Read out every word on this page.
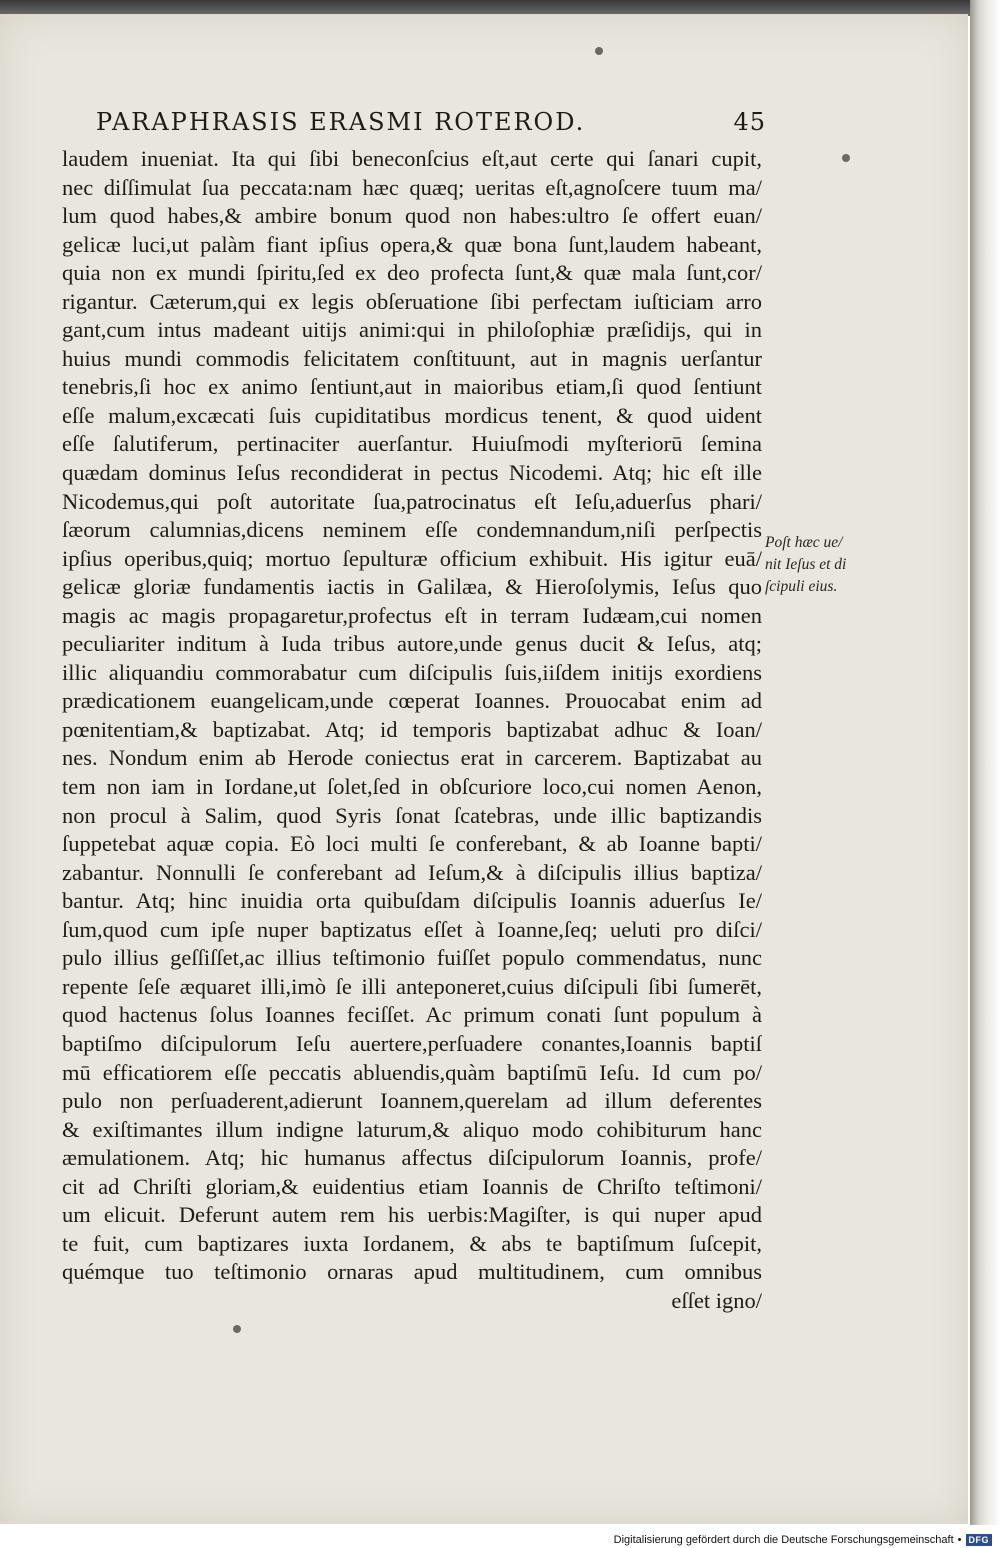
PARAPHRASIS ERASMI ROTEROD.	45
laudem inueniat. Ita qui ſibi beneconſcius eſt,aut certe qui ſanari cupit,
nec diſſimulat ſua peccata:nam hæc quæq; ueritas eſt,agnoſcere tuum ma/
lum quod habes,& ambire bonum quod non habes:ultro ſe offert euan/
gelicæ luci,ut palàm fiant ipſius opera,& quæ bona ſunt,laudem habeant,
quia non ex mundi ſpiritu,ſed ex deo profecta ſunt,& quæ mala ſunt,cor/
rigantur. Cæterum,qui ex legis obſeruatione ſibi perfectam iuſticiam arro
gant,cum intus madeant uitijs animi:qui in philoſophiæ præſidijs, qui in
huius mundi commodis felicitatem conſtituunt, aut in magnis uerſantur
tenebris,ſi hoc ex animo ſentiunt,aut in maioribus etiam,ſi quod ſentiunt
eſſe malum,excæcati ſuis cupiditatibus mordicus tenent, & quod uident
eſſe ſalutiferum, pertinaciter auerſantur. Huiuſmodi myſteriorū ſemina
quædam dominus Ieſus recondiderat in pectus Nicodemi. Atq; hic eſt ille
Nicodemus,qui poſt autoritate ſua,patrocinatus eſt Ieſu,aduerſus phari/
ſæorum calumnias,dicens neminem eſſe condemnandum,niſi perſpectis
ipſius operibus,quiq; mortuo ſepulturæ officium exhibuit. His igitur euā/
gelicæ gloriæ fundamentis iactis in Galilæa, & Hieroſolymis, Ieſus quo
magis ac magis propagaretur,profectus eſt in terram Iudæam,cui nomen
peculiariter inditum à Iuda tribus autore,unde genus ducit & Ieſus, atq;
illic aliquandiu commorabatur cum diſcipulis ſuis,iiſdem initijs exordiens
prædicationem euangelicam,unde cœperat Ioannes. Prouocabat enim ad
pœnitentiam,& baptizabat. Atq; id temporis baptizabat adhuc & Ioan/
nes. Nondum enim ab Herode coniectus erat in carcerem. Baptizabat au
tem non iam in Iordane,ut ſolet,ſed in obſcuriore loco,cui nomen Aenon,
non procul à Salim, quod Syris ſonat ſcatebras, unde illic baptizandis
ſuppetebat aquæ copia. Eò loci multi ſe conferebant, & ab Ioanne bapti/
zabantur. Nonnulli ſe conferebant ad Ieſum,& à diſcipulis illius baptiza/
bantur. Atq; hinc inuidia orta quibuſdam diſcipulis Ioannis aduerſus Ie/
ſum,quod cum ipſe nuper baptizatus eſſet à Ioanne,ſeq; ueluti pro diſci/
pulo illius geſſiſſet,ac illius teſtimonio fuiſſet populo commendatus, nunc
repente ſeſe æquaret illi,imò ſe illi anteponeret,cuius diſcipuli ſibi ſumerēt,
quod hactenus ſolus Ioannes feciſſet. Ac primum conati ſunt populum à
baptiſmo diſcipulorum Ieſu auertere,perſuadere conantes,Ioannis baptiſ
mū efficatiorem eſſe peccatis abluendis,quàm baptiſmū Ieſu. Id cum po/
pulo non perſuaderent,adierunt Ioannem,querelam ad illum deferentes
& exiſtimantes illum indigne laturum,& aliquo modo cohibiturum hanc
æmulationem. Atq; hic humanus affectus diſcipulorum Ioannis, profe/
cit ad Chriſti gloriam,& euidentius etiam Ioannis de Chriſto teſtimoni/
um elicuit. Deferunt autem rem his uerbis:Magiſter, is qui nuper apud
te fuit, cum baptizares iuxta Iordanem, & abs te baptiſmum ſuſcepit,
quémque tuo teſtimonio ornaras apud multitudinem, cum omnibus
eſſet igno/
Poſt hæc ue/
nit Ieſus et di
ſcipuli eius.
Digitalisierung gefördert durch die Deutsche Forschungsgemeinschaft • DFG
